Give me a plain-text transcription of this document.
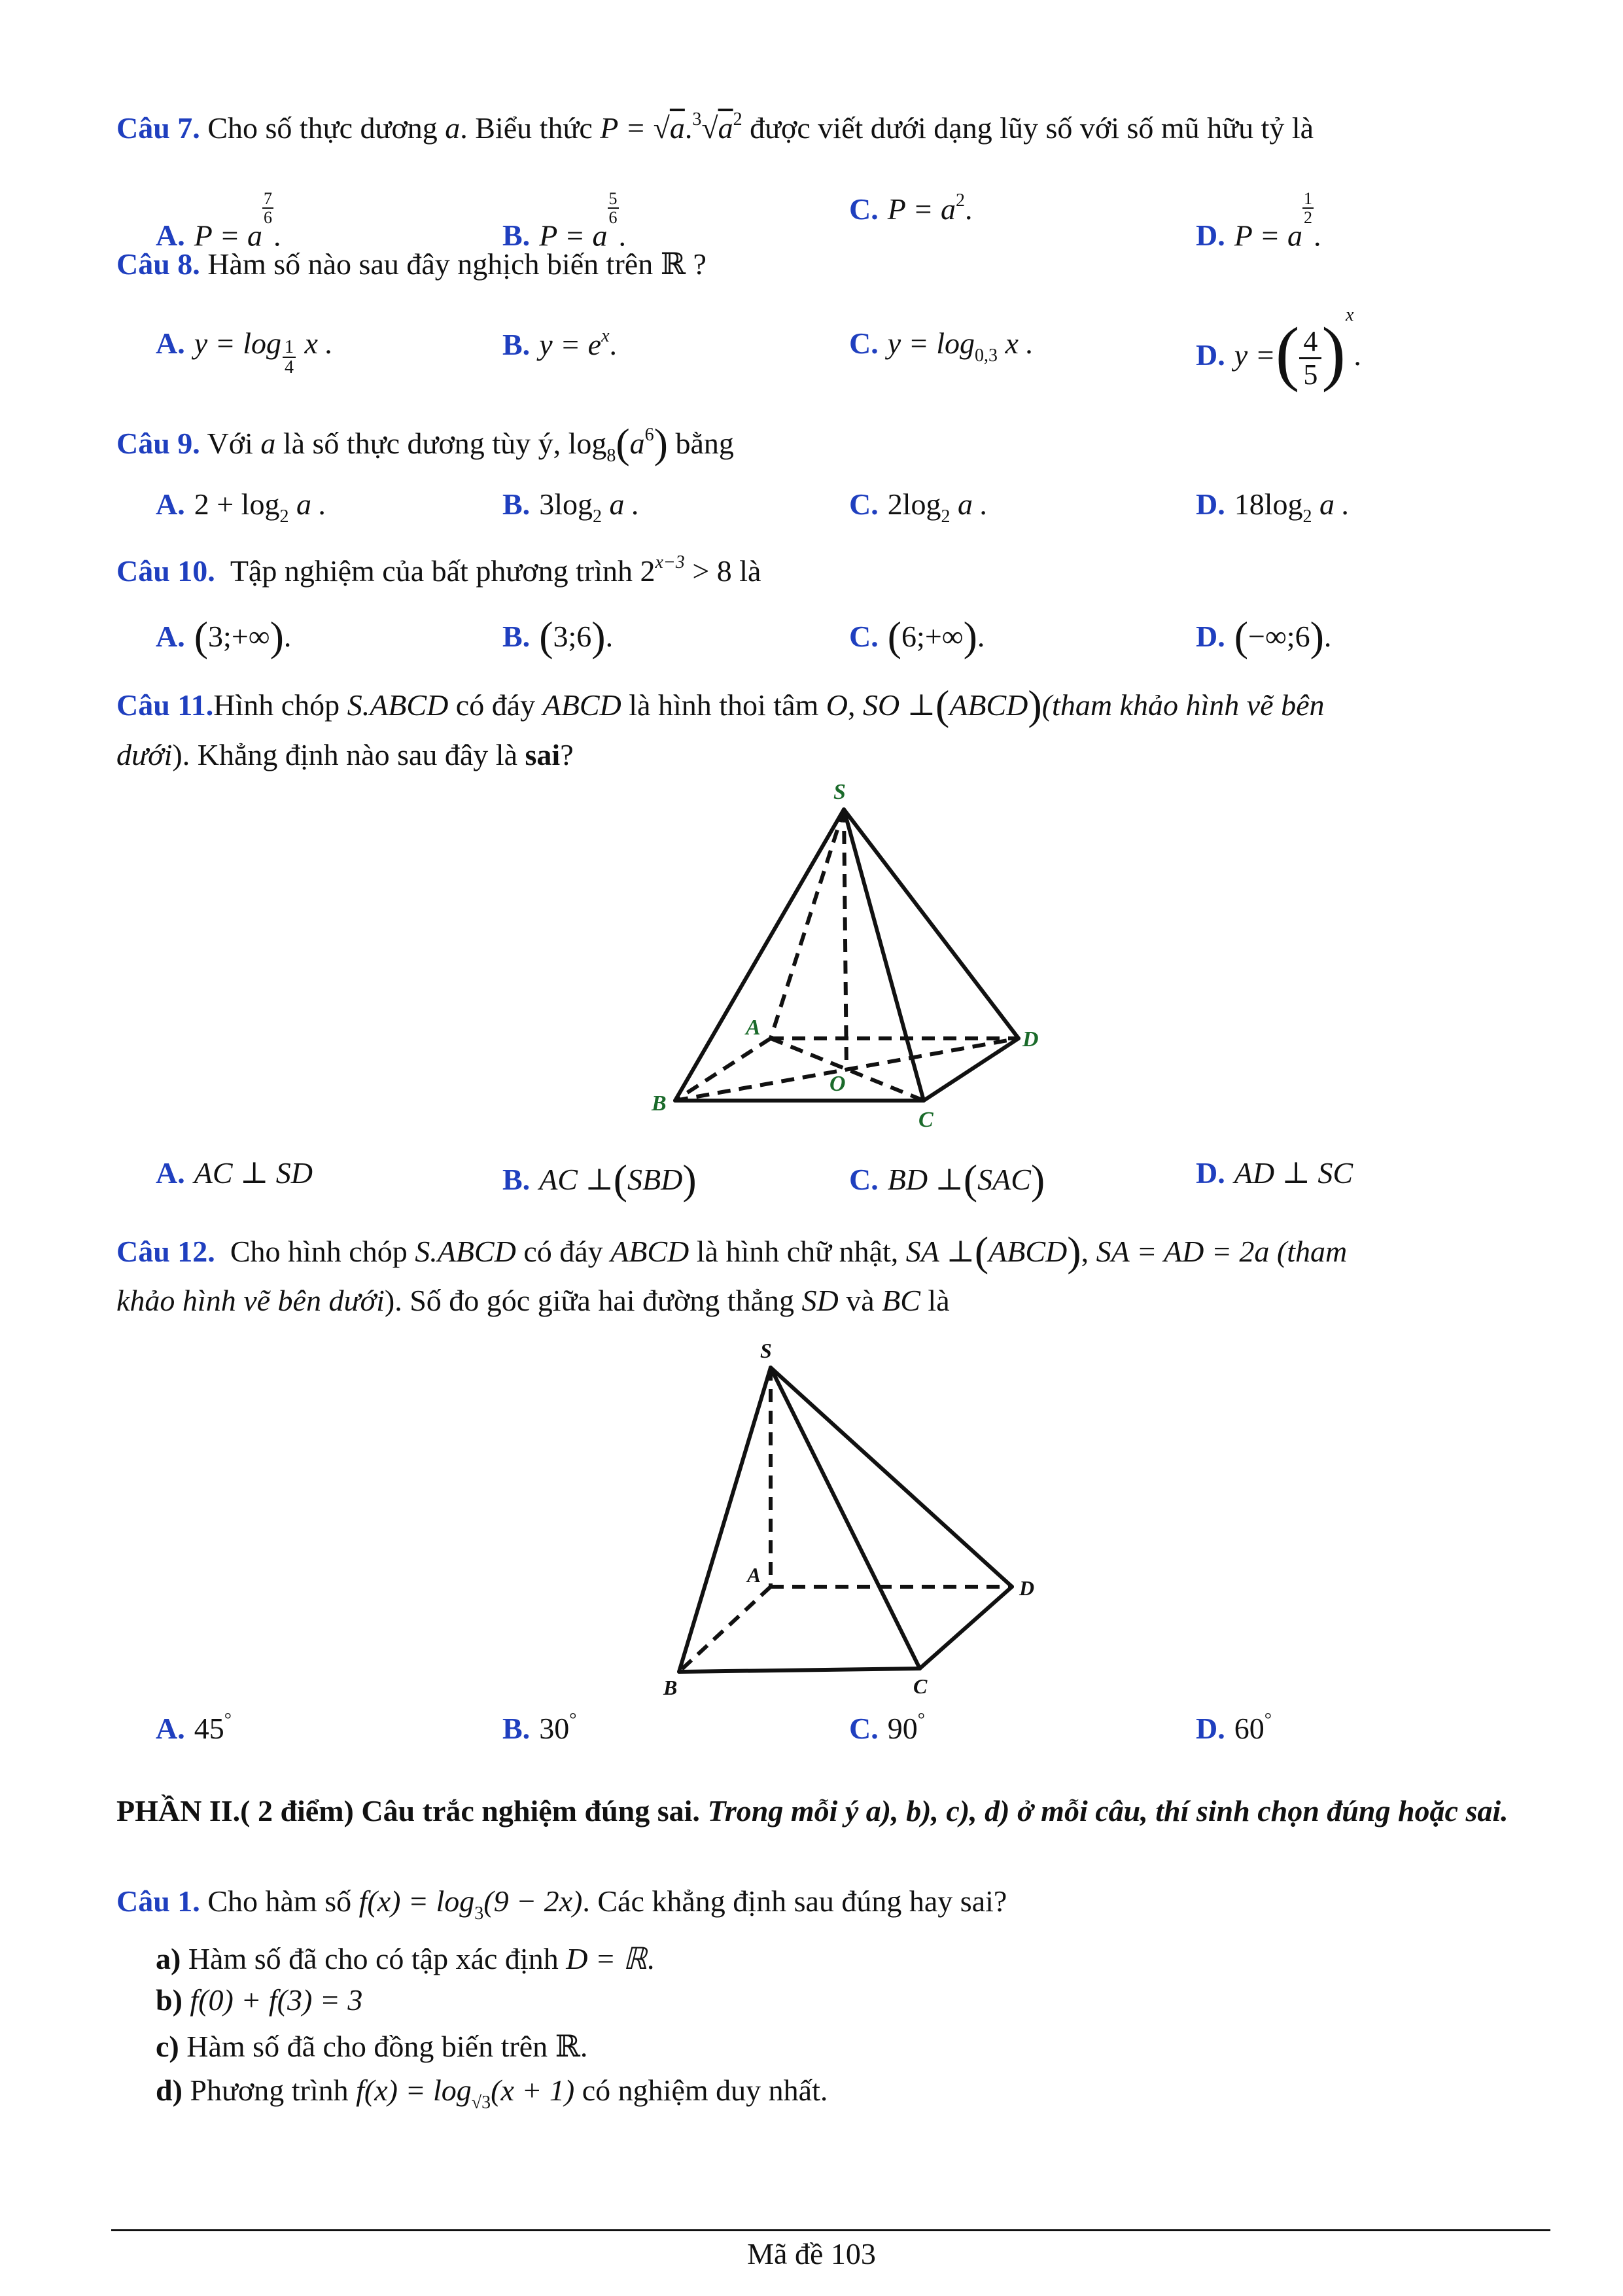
Câu 7. Cho số thực dương a. Biểu thức $P = √a.^3√a^2$ được viết dưới dạng lũy số với số mũ hữu tỷ là
A. P = a
$\frac{7}{6}$
.	B. P = a
$\frac{5}{6}$
.
C. $P = a^2$.
D. P = a
$\frac{1}{2}$
.
Câu 8. Hàm số nào sau đây nghịch biến trên ℝ ?
A. $y = \log \frac{1}{4}$ x .	B. $y = e^x$.	C. $y = \log_{0,3} x$ .	D. y =( $\frac{4}{5} )^x$.
Câu 9. Với a là số thực dương tùy ý, $\log_8(a^6)$ bằng
A. $2 + \log_2 a$ .	B. $3\log_2$ a .	C. $2\log_2$ a .	D. $18\log_2$ a .
Câu 10. Tập nghiệm của bất phương trình $2^{x-3} > 8$ là
A. (3;+∞).	B. (3;6).	C. (6;+∞).	D. (−∞;6).
Câu 11.Hình chóp S.ABCD có đáy ABCD là hình thoi tâm O, SO ⊥(ABCD)(tham khảo hình vẽ bên
dưới). Khẳng định nào sau đây là sai?
S
A
B
C
D
O
A. AC ⊥ SD	B. AC ⊥(SBD)	C. BD ⊥(SAC)	D. AD ⊥ SC
Câu 12. Cho hình chóp S.ABCD có đáy ABCD là hình chữ nhật, SA ⊥(ABCD), SA = AD = 2a (tham
khảo hình vẽ bên dưới). Số đo góc giữa hai đường thẳng SD và BC là
S
A
B	C
D
A. 45°	B. 30°	C. 90°	D. 60°
PHẦN II.( 2 điểm) Câu trắc nghiệm đúng sai. Trong mỗi ý a), b), c), d) ở mỗi câu, thí sinh chọn đúng hoặc sai.
Câu 1. Cho hàm số $f(x) = \log_3(9 - 2x)$. Các khẳng định sau đúng hay sai?
a) Hàm số đã cho có tập xác định D = ℝ.
b) f(0) + f(3) = 3
c) Hàm số đã cho đồng biến trên ℝ.
d) Phương trình $f(x) = \log_{√3}(x + 1)$ có nghiệm duy nhất.
Mã đề 103
